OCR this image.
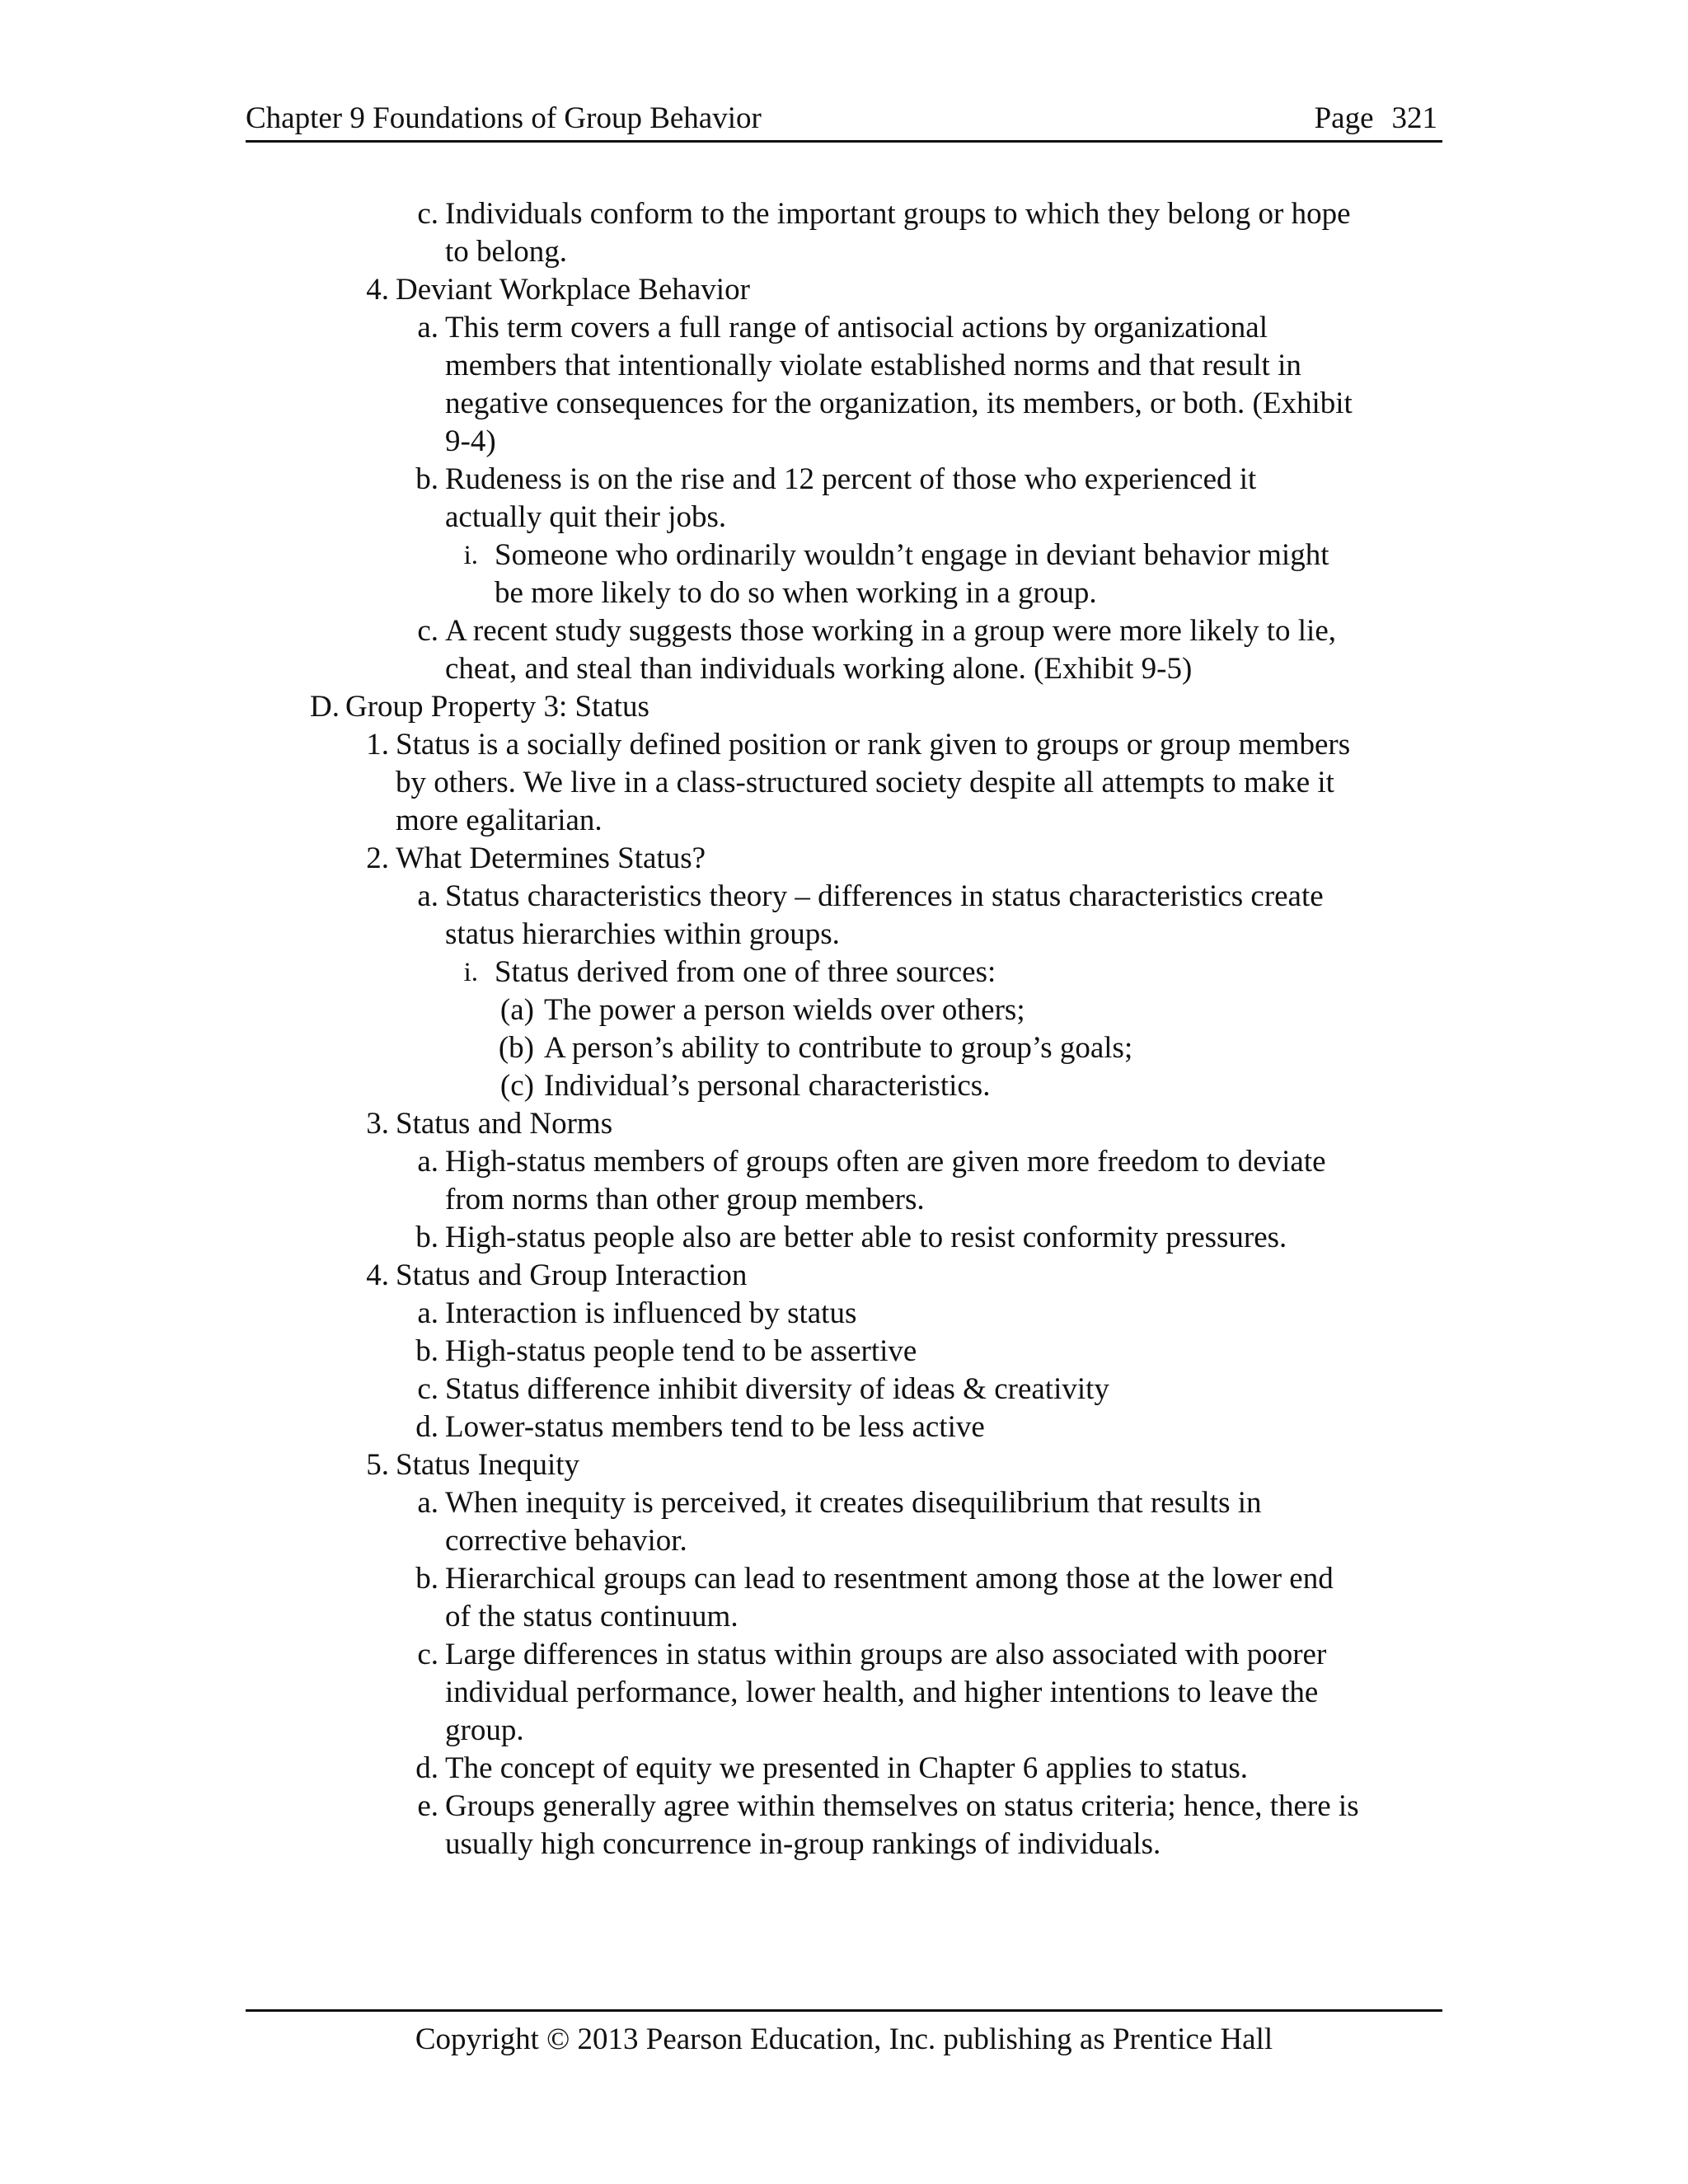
Chapter 9 Foundations of Group Behavior	Page 321
c. Individuals conform to the important groups to which they belong or hope
to belong.
4. Deviant Workplace Behavior
a. This term covers a full range of antisocial actions by organizational
members that intentionally violate established norms and that result in
negative consequences for the organization, its members, or both. (Exhibit
9-4)
b. Rudeness is on the rise and 12 percent of those who experienced it
actually quit their jobs.
i. Someone who ordinarily wouldn’t engage in deviant behavior might
be more likely to do so when working in a group.
c. A recent study suggests those working in a group were more likely to lie,
cheat, and steal than individuals working alone. (Exhibit 9-5)
D. Group Property 3: Status
1. Status is a socially defined position or rank given to groups or group members
by others. We live in a class-structured society despite all attempts to make it
more egalitarian.
2. What Determines Status?
a. Status characteristics theory – differences in status characteristics create
status hierarchies within groups.
i. Status derived from one of three sources:
(a) The power a person wields over others;
(b) A person’s ability to contribute to group’s goals;
(c) Individual’s personal characteristics.
3. Status and Norms
a. High-status members of groups often are given more freedom to deviate
from norms than other group members.
b. High-status people also are better able to resist conformity pressures.
4. Status and Group Interaction
a. Interaction is influenced by status
b. High-status people tend to be assertive
c. Status difference inhibit diversity of ideas & creativity
d. Lower-status members tend to be less active
5. Status Inequity
a. When inequity is perceived, it creates disequilibrium that results in
corrective behavior.
b. Hierarchical groups can lead to resentment among those at the lower end
of the status continuum.
c. Large differences in status within groups are also associated with poorer
individual performance, lower health, and higher intentions to leave the
group.
d. The concept of equity we presented in Chapter 6 applies to status.
e. Groups generally agree within themselves on status criteria; hence, there is
usually high concurrence in-group rankings of individuals.
Copyright © 2013 Pearson Education, Inc. publishing as Prentice Hall
